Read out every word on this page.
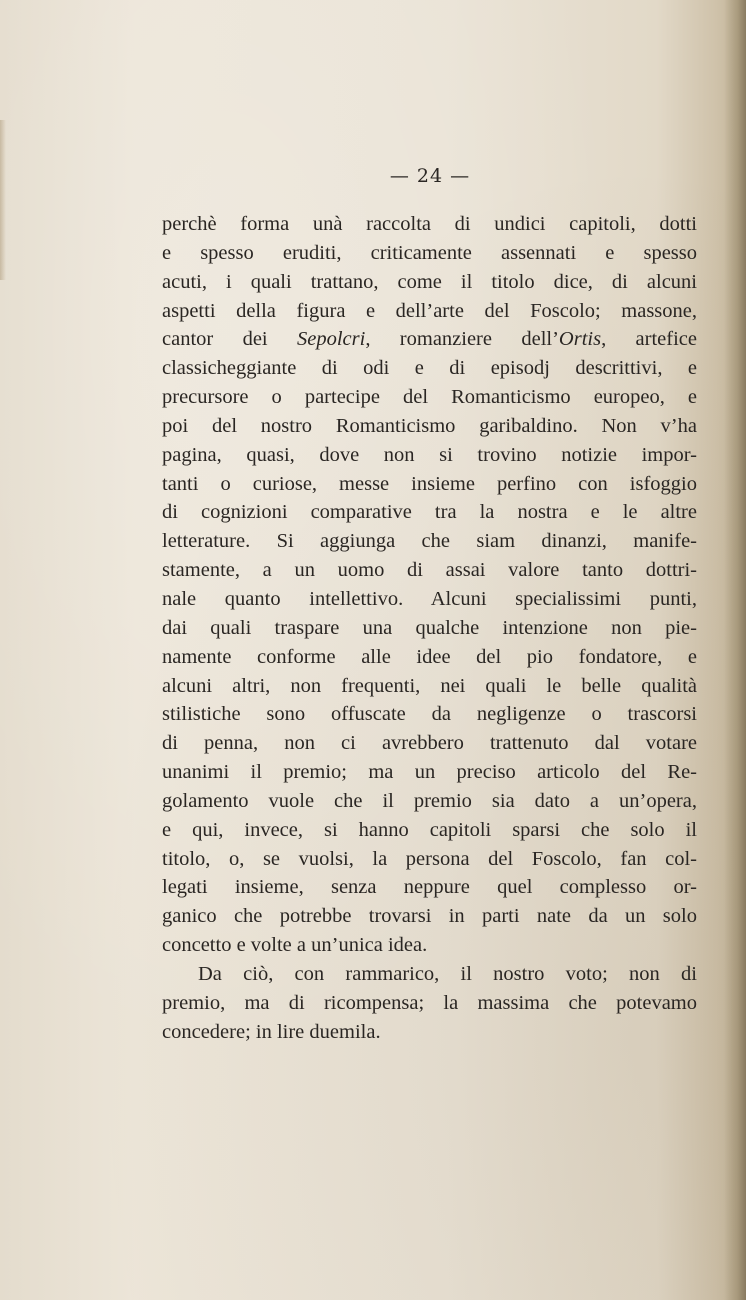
— 24 —
perchè forma unà raccolta di undici capitoli, dotti
e spesso eruditi, criticamente assennati e spesso
acuti, i quali trattano, come il titolo dice, di alcuni
aspetti della figura e dell’arte del Foscolo; massone,
cantor dei Sepolcri, romanziere dell’Ortis, artefice
classicheggiante di odi e di episodj descrittivi, e
precursore o partecipe del Romanticismo europeo, e
poi del nostro Romanticismo garibaldino. Non v’ha
pagina, quasi, dove non si trovino notizie impor-
tanti o curiose, messe insieme perfino con isfoggio
di cognizioni comparative tra la nostra e le altre
letterature. Si aggiunga che siam dinanzi, manife-
stamente, a un uomo di assai valore tanto dottri-
nale quanto intellettivo. Alcuni specialissimi punti,
dai quali traspare una qualche intenzione non pie-
namente conforme alle idee del pio fondatore, e
alcuni altri, non frequenti, nei quali le belle qualità
stilistiche sono offuscate da negligenze o trascorsi
di penna, non ci avrebbero trattenuto dal votare
unanimi il premio; ma un preciso articolo del Re-
golamento vuole che il premio sia dato a un’opera,
e qui, invece, si hanno capitoli sparsi che solo il
titolo, o, se vuolsi, la persona del Foscolo, fan col-
legati insieme, senza neppure quel complesso or-
ganico che potrebbe trovarsi in parti nate da un solo
concetto e volte a un’unica idea.
Da ciò, con rammarico, il nostro voto; non di
premio, ma di ricompensa; la massima che potevamo
concedere; in lire duemila.
